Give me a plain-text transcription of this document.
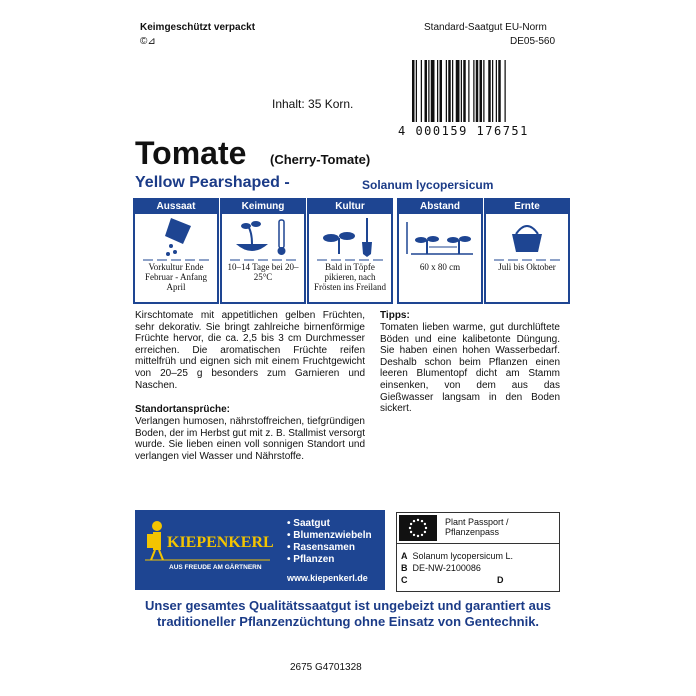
Keimgeschützt verpackt
©⊿
Standard-Saatgut EU-Norm
DE05-560
Inhalt: 35 Korn.
4 000159 176751
Tomate (Cherry-Tomate)
Yellow Pearshaped -	Solanum lycopersicum
Aussaat
Vorkultur Ende Februar - Anfang April
Keimung
10–14 Tage bei 20–25°C
Kultur
Bald in Töpfe pikieren, nach Frösten ins Freiland
Abstand
60 x 80 cm
Ernte
Juli bis Oktober
Kirschtomate mit appetitlichen gelben Früchten, sehr dekorativ. Sie bringt zahlreiche birnenförmige Früchte hervor, die ca. 2,5 bis 3 cm Durchmesser erreichen. Die aromatischen Früchte reifen mittelfrüh und eignen sich mit einem Fruchtgewicht von 20–25 g besonders zum Garnieren und Naschen.
Standortansprüche:
Verlangen humosen, nährstoffreichen, tiefgründigen Boden, der im Herbst gut mit z. B. Stallmist versorgt wurde. Sie lieben einen voll sonnigen Standort und verlangen viel Wasser und Nährstoffe.
Tipps:
Tomaten lieben warme, gut durchlüftete Böden und eine kalibetonte Düngung. Sie haben einen hohen Wasserbedarf. Deshalb schon beim Pflanzen einen leeren Blumentopf dicht am Stamm einsenken, von dem aus das Gießwasser langsam in den Boden sickert.
KIEPENKERL
AUS FREUDE AM GÄRTNERN
• Saatgut
• Blumenzwiebeln
• Rasensamen
• Pflanzen
www.kiepenkerl.de
Plant Passport /
Pflanzenpass
A Solanum lycopersicum L.
B DE-NW-2100086
C	D
Unser gesamtes Qualitätssaatgut ist ungebeizt und garantiert aus
traditioneller Pflanzenzüchtung ohne Einsatz von Gentechnik.
2675 G4701328
